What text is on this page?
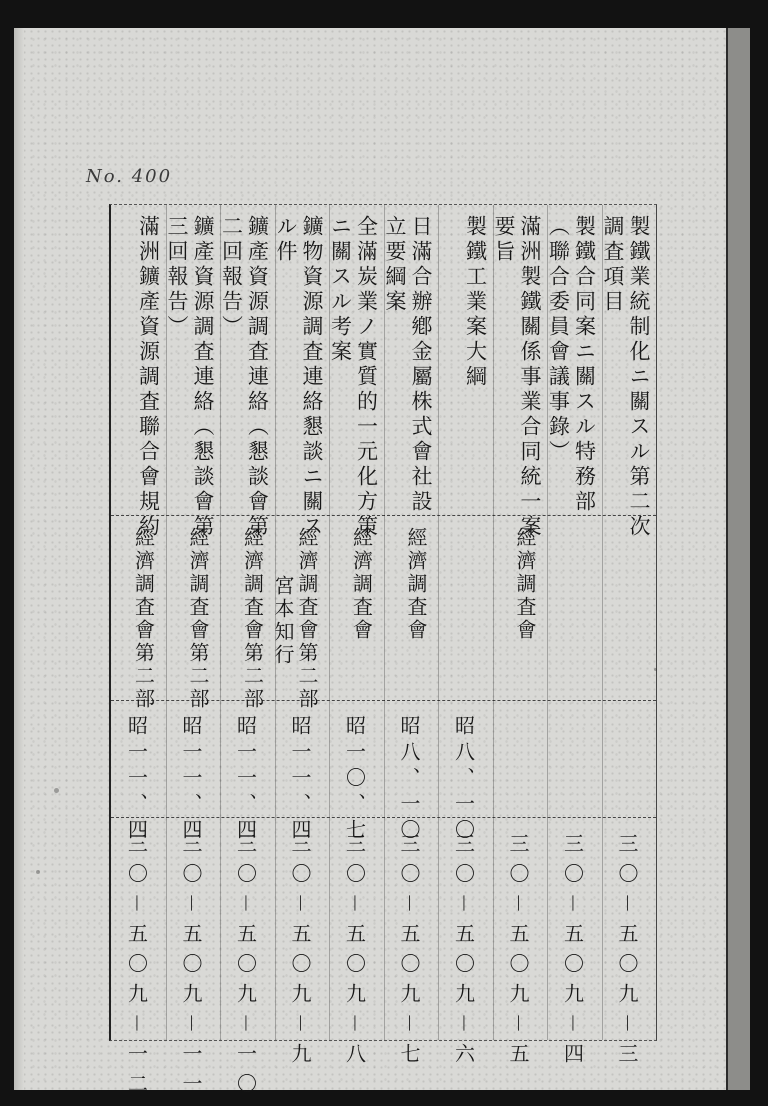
No. 400
製鐵業統制化ニ關スル第二次
調査項目
三〇－五〇九－三
製鐵合同案ニ關スル特務部
（聯合委員會議事錄）
三〇－五〇九－四
滿洲製鐵關係事業合同統一案
要旨
經濟調査會
三〇－五〇九－五
製鐵工業案大綱
昭八、一〇
三〇－五〇九－六
日滿合辦鄕金屬株式會社設
立要綱案
經濟調査會
昭八、一〇
三〇－五〇九－七
全滿炭業ノ實質的一元化方策
ニ關スル考案
經濟調査會
昭一〇、七
三〇－五〇九－八
鑛物資源調査連絡懇談ニ關ス
ル件
經濟調査會第二部
宮本知行
昭一一、四
三〇－五〇九－九
鑛產資源調査連絡（懇談會第
二回報告）
經濟調査會第二部
昭一一、四
三〇－五〇九－一〇
鑛產資源調査連絡（懇談會第
三回報告）
經濟調査會第二部
昭一一、四
三〇－五〇九－一一
滿洲鑛產資源調査聯合會規約
經濟調査會第二部
昭一一、四
三〇－五〇九－一二
